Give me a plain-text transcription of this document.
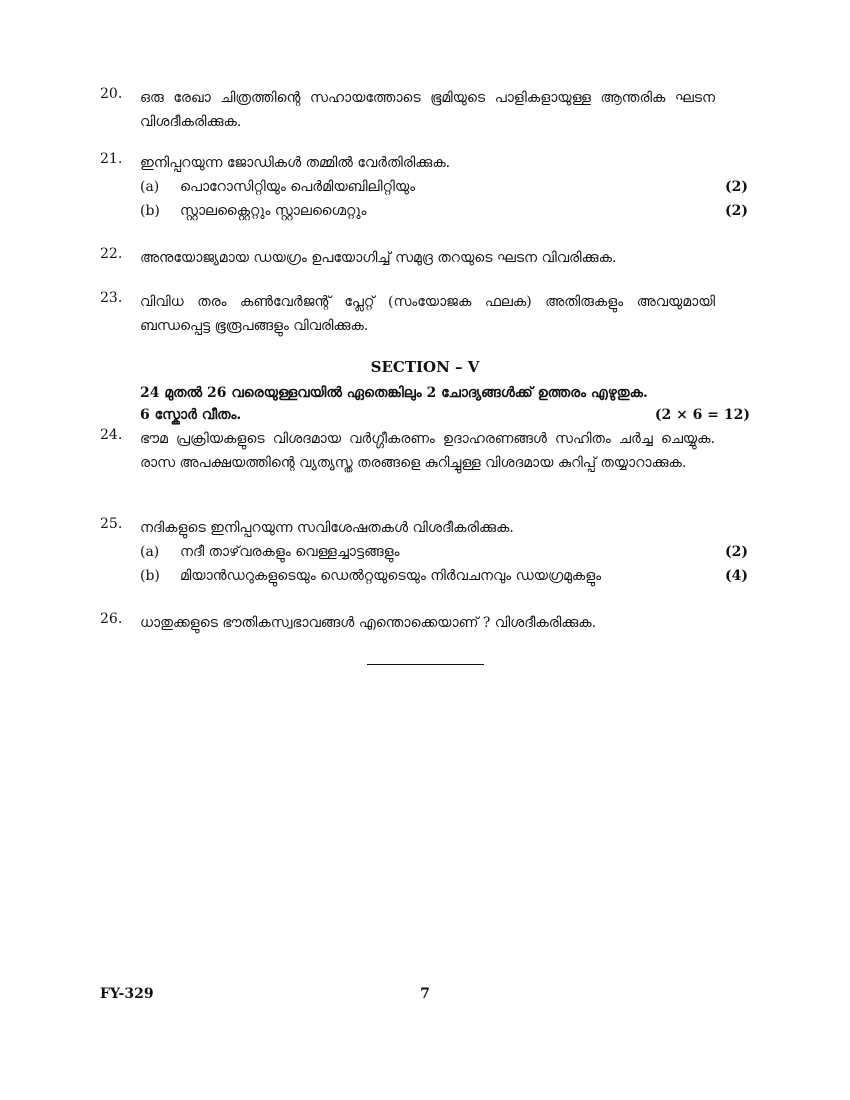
20.	ഒരു രേഖാ ചിത്രത്തിന്റെ സഹായത്തോടെ ഭൂമിയുടെ പാളികളായുള്ള ആന്തരിക ഘടന വിശദീകരിക്കുക.
21.	ഇനിപ്പറയുന്ന ജോഡികൾ തമ്മിൽ വേർതിരിക്കുക.
(a) പൊറോസിറ്റിയും പെർമിയബിലിറ്റിയും	(2)
(b) സ്റ്റാലക്റ്റൈറ്റും സ്റ്റാലഗ്മൈറ്റും	(2)
22.	അനുയോജ്യമായ ഡയഗ്രം ഉപയോഗിച്ച് സമുദ്ര തറയുടെ ഘടന വിവരിക്കുക.
23.	വിവിധ തരം കൺവേർജന്റ് പ്ലേറ്റ് (സംയോജക ഫലക) അതിരുകളും അവയുമായി ബന്ധപ്പെട്ട ഭൂരൂപങ്ങളും വിവരിക്കുക.
SECTION – V
24 മുതൽ 26 വരെയുള്ളവയിൽ ഏതെങ്കിലും 2 ചോദ്യങ്ങൾക്ക് ഉത്തരം എഴുതുക.
6 സ്കോർ വീതം.	(2 × 6 = 12)
24.	ഭൗമ പ്രക്രിയകളുടെ വിശദമായ വർഗ്ഗീകരണം ഉദാഹരണങ്ങൾ സഹിതം ചർച്ച ചെയ്യുക. രാസ അപക്ഷയത്തിന്റെ വ്യത്യസ്ത തരങ്ങളെ കുറിച്ചുള്ള വിശദമായ കുറിപ്പ് തയ്യാറാക്കുക.
25.	നദികളുടെ ഇനിപ്പറയുന്ന സവിശേഷതകൾ വിശദീകരിക്കുക.
(a) നദീ താഴ്‌വരകളും വെള്ളച്ചാട്ടങ്ങളും	(2)
(b) മിയാൻഡറുകളുടെയും ഡെൽറ്റയുടെയും നിർവചനവും ഡയഗ്രമുകളും	(4)
26.	ധാതുക്കളുടെ ഭൗതികസ്വഭാവങ്ങൾ എന്തൊക്കെയാണ് ? വിശദീകരിക്കുക.
FY-329	7
